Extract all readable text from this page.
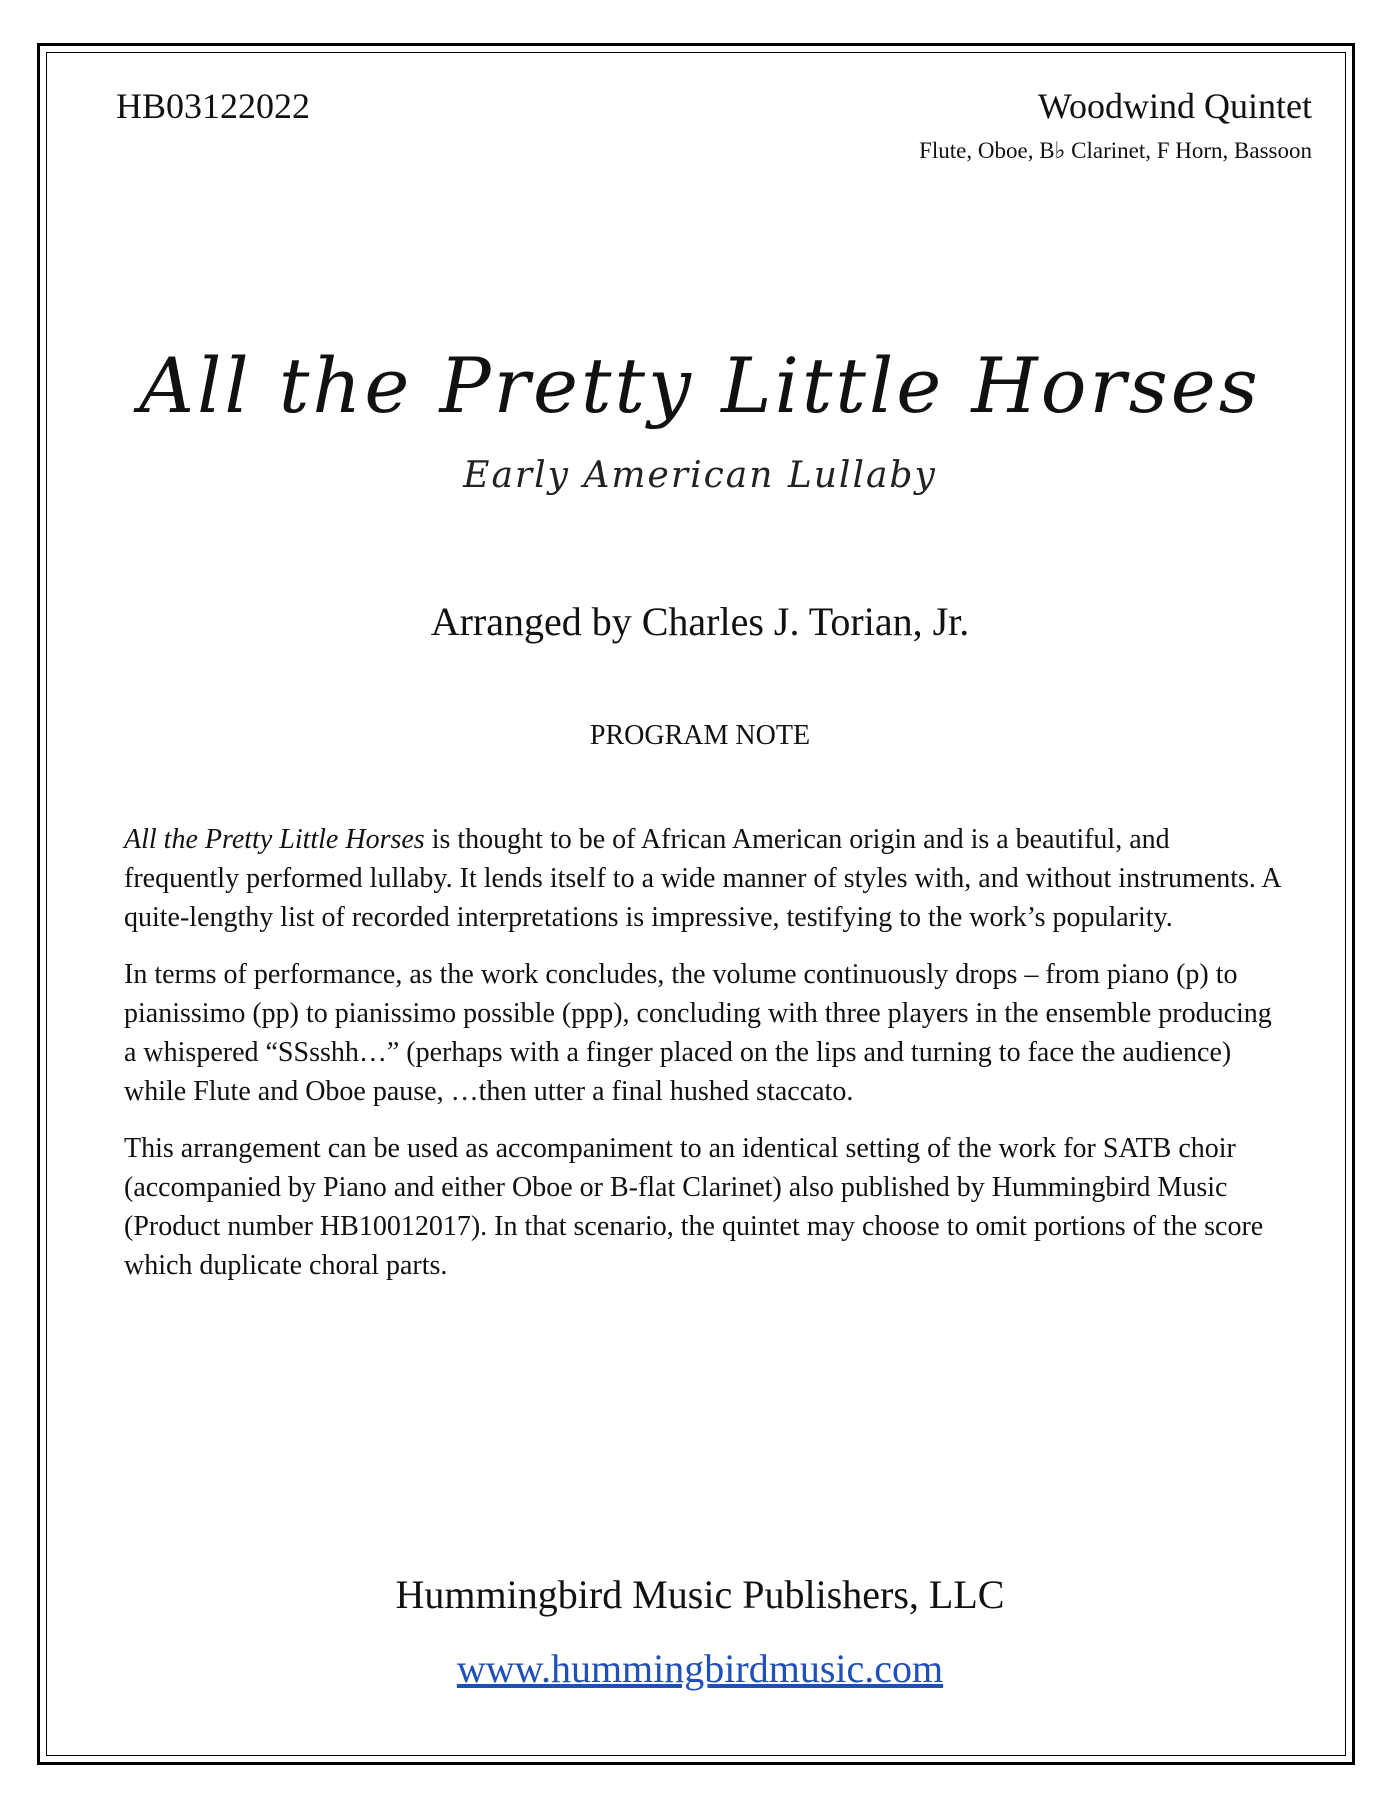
HB03122022	Woodwind Quintet
Flute, Oboe, B♭ Clarinet, F Horn, Bassoon
All the Pretty Little Horses
Early American Lullaby
Arranged by Charles J. Torian, Jr.
PROGRAM NOTE

All the Pretty Little Horses is thought to be of African American origin and is a beautiful, and frequently performed lullaby. It lends itself to a wide manner of styles with, and without instruments. A quite-lengthy list of recorded interpretations is impressive, testifying to the work’s popularity.

In terms of performance, as the work concludes, the volume continuously drops – from piano (p) to pianissimo (pp) to pianissimo possible (ppp), concluding with three players in the ensemble producing a whispered “SSsshh…” (perhaps with a finger placed on the lips and turning to face the audience) while Flute and Oboe pause, …then utter a final hushed staccato.

This arrangement can be used as accompaniment to an identical setting of the work for SATB choir (accompanied by Piano and either Oboe or B-flat Clarinet) also published by Hummingbird Music (Product number HB10012017). In that scenario, the quintet may choose to omit portions of the score which duplicate choral parts.

Hummingbird Music Publishers, LLC
www.hummingbirdmusic.com
